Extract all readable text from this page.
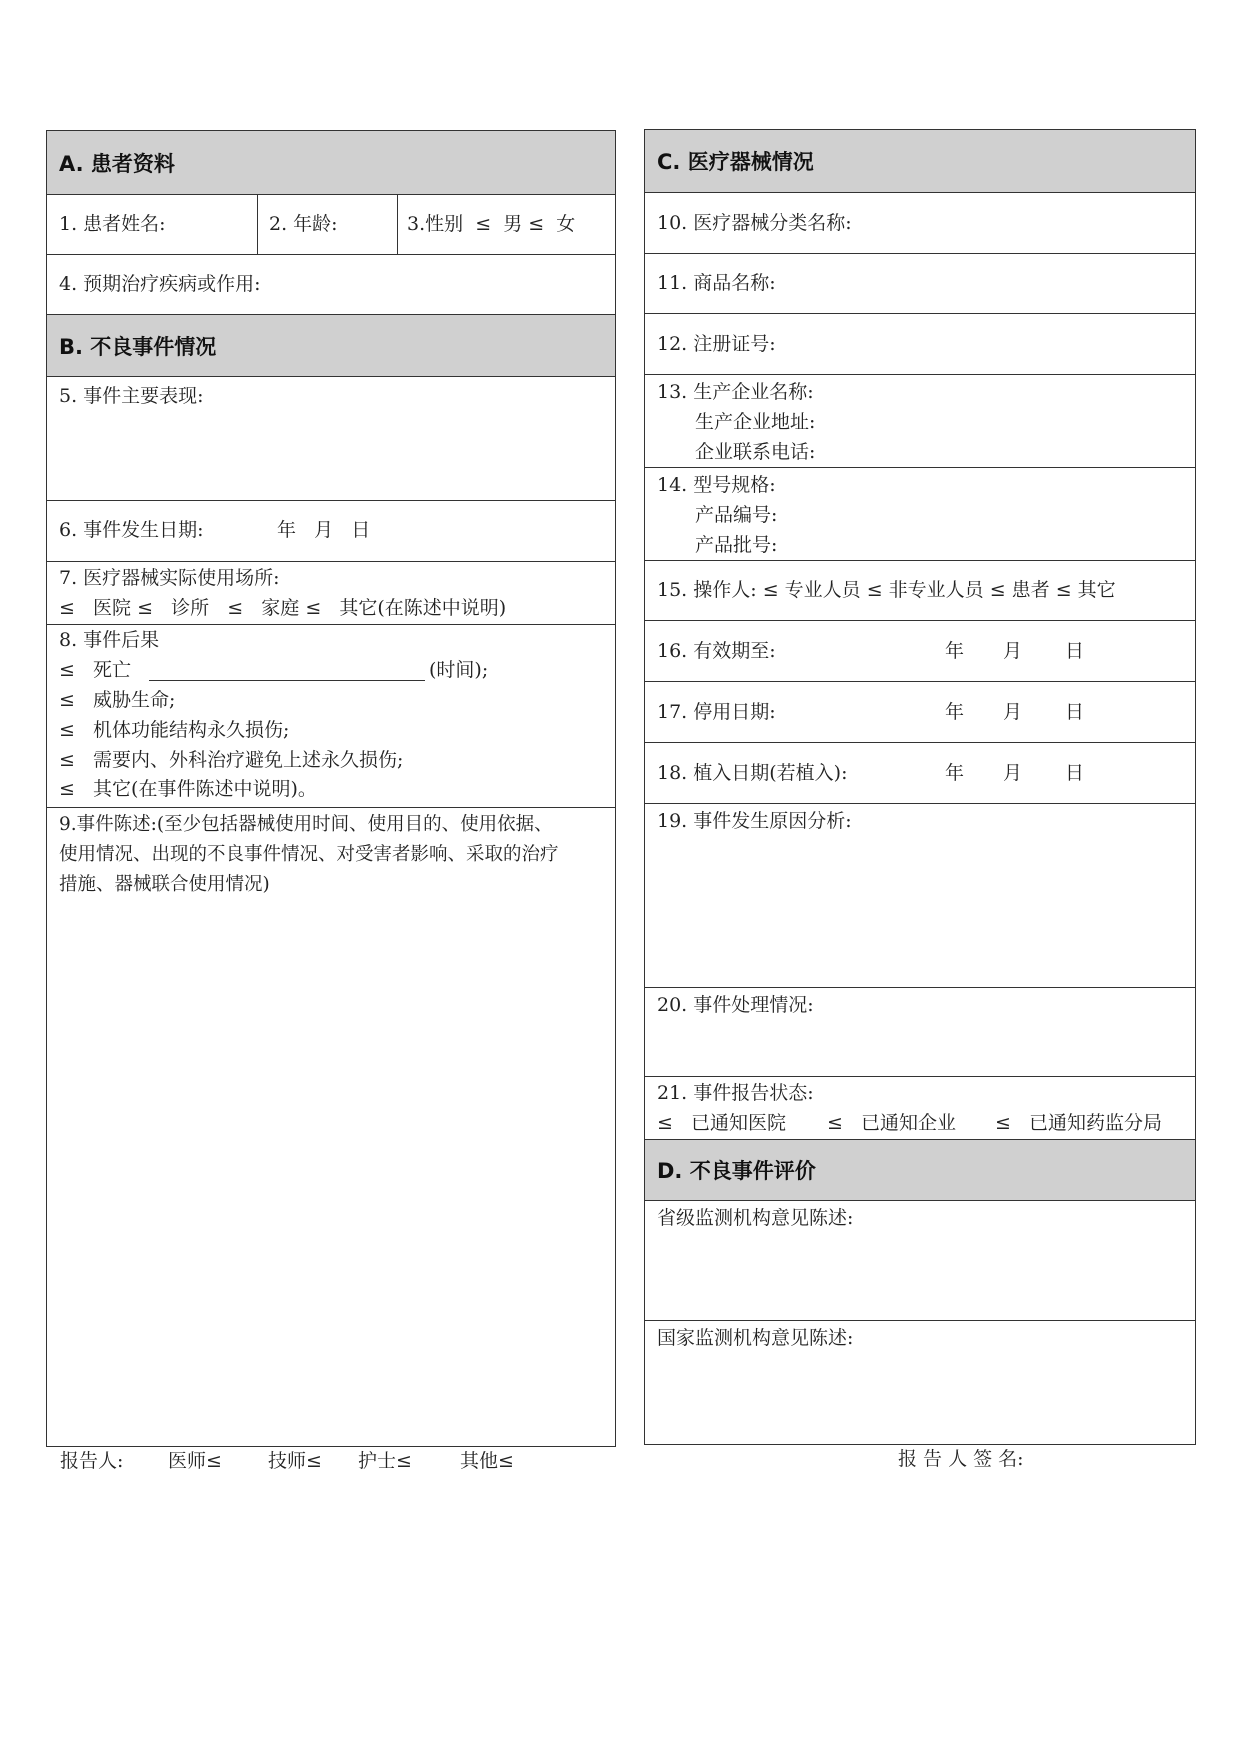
A. 患者资料
1. 患者姓名:	2. 年龄:	3.性别  ≤  男 ≤  女
4. 预期治疗疾病或作用:
B. 不良事件情况
5. 事件主要表现:
6. 事件发生日期:	年   月   日
7. 医疗器械实际使用场所:
≤   医院 ≤   诊所   ≤   家庭 ≤   其它(在陈述中说明)
8. 事件后果
≤   死亡	(时间);
≤   威胁生命;
≤   机体功能结构永久损伤;
≤   需要内、外科治疗避免上述永久损伤;
≤   其它(在事件陈述中说明)。
9.事件陈述:(至少包括器械使用时间、使用目的、使用依据、
使用情况、出现的不良事件情况、对受害者影响、采取的治疗
措施、器械联合使用情况)
报告人: 医师≤ 技师≤ 护士≤	其他≤
C. 医疗器械情况
10. 医疗器械分类名称:
11. 商品名称:
12. 注册证号:
13. 生产企业名称:
生产企业地址:
企业联系电话:
14. 型号规格:
产品编号:
产品批号:
15. 操作人: ≤ 专业人员 ≤ 非专业人员 ≤ 患者 ≤ 其它
16. 有效期至:	年 月 日
17. 停用日期:	年 月 日
18. 植入日期(若植入):	年 月 日
19. 事件发生原因分析:
20. 事件处理情况:
21. 事件报告状态:
≤   已通知医院 ≤   已通知企业 ≤   已通知药监分局
D. 不良事件评价
省级监测机构意见陈述:
国家监测机构意见陈述:
报 告 人 签 名:
